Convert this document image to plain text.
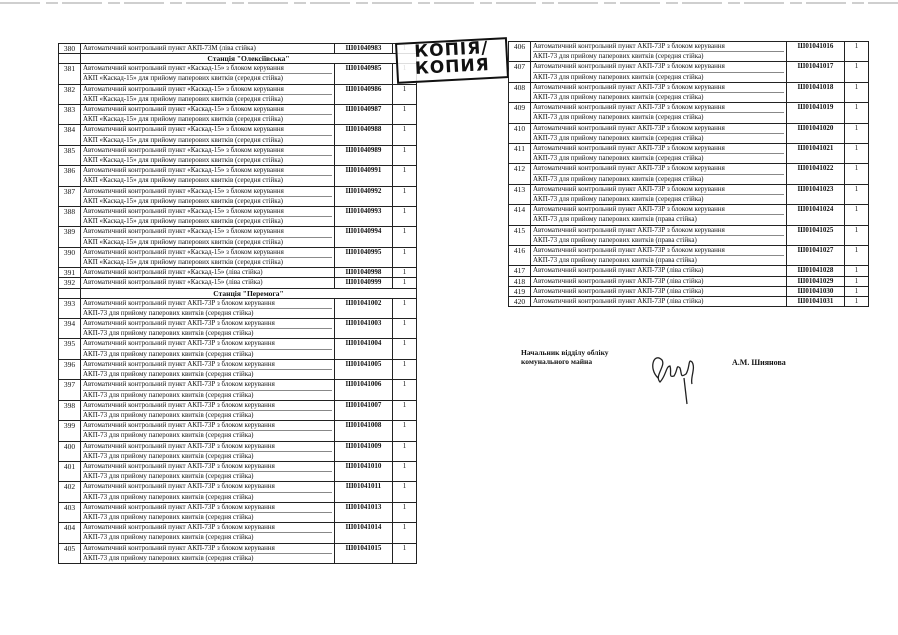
380	Автоматичний контрольний пункт АКП-73М (ліва стійка)	Ш01040983	
	Станція "Олексіївська"		
381	Автоматичний контрольний пункт «Каскад-15» з блоком керування
АКП «Каскад-15» для прийому паперових квитків (середня стійка)	Ш01040985	
382	Автоматичний контрольний пункт «Каскад-15» з блоком керування
АКП «Каскад-15» для прийому паперових квитків (середня стійка)	Ш01040986	1
383	Автоматичний контрольний пункт «Каскад-15» з блоком керування
АКП «Каскад-15» для прийому паперових квитків (середня стійка)	Ш01040987	1
384	Автоматичний контрольний пункт «Каскад-15» з блоком керування
АКП «Каскад-15» для прийому паперових квитків (середня стійка)	Ш01040988	1
385	Автоматичний контрольний пункт «Каскад-15» з блоком керування
АКП «Каскад-15» для прийому паперових квитків (середня стійка)	Ш01040989	1
386	Автоматичний контрольний пункт «Каскад-15» з блоком керування
АКП «Каскад-15» для прийому паперових квитків (середня стійка)	Ш01040991	1
387	Автоматичний контрольний пункт «Каскад-15» з блоком керування
АКП «Каскад-15» для прийому паперових квитків (середня стійка)	Ш01040992	1
388	Автоматичний контрольний пункт «Каскад-15» з блоком керування
АКП «Каскад-15» для прийому паперових квитків (середня стійка)	Ш01040993	1
389	Автоматичний контрольний пункт «Каскад-15» з блоком керування
АКП «Каскад-15» для прийому паперових квитків (середня стійка)	Ш01040994	1
390	Автоматичний контрольний пункт «Каскад-15» з блоком керування
АКП «Каскад-15» для прийому паперових квитків (середня стійка)	Ш01040995	1
391	Автоматичний контрольний пункт «Каскад-15» (ліва стійка)	Ш01040998	1
392	Автоматичний контрольний пункт «Каскад-15» (ліва стійка)	Ш01040999	1
	Станція "Перемога"		
393	Автоматичний контрольний пункт АКП-73Р з блоком керування
АКП-73 для прийому паперових квитків (середня стійка)	Ш01041002	1
394	Автоматичний контрольний пункт АКП-73Р з блоком керування
АКП-73 для прийому паперових квитків (середня стійка)	Ш01041003	1
395	Автоматичний контрольний пункт АКП-73Р з блоком керування
АКП-73 для прийому паперових квитків (середня стійка)	Ш01041004	1
396	Автоматичний контрольний пункт АКП-73Р з блоком керування
АКП-73 для прийому паперових квитків (середня стійка)	Ш01041005	1
397	Автоматичний контрольний пункт АКП-73Р з блоком керування
АКП-73 для прийому паперових квитків (середня стійка)	Ш01041006	1
398	Автоматичний контрольний пункт АКП-73Р з блоком керування
АКП-73 для прийому паперових квитків (середня стійка)	Ш01041007	1
399	Автоматичний контрольний пункт АКП-73Р з блоком керування
АКП-73 для прийому паперових квитків (середня стійка)	Ш01041008	1
400	Автоматичний контрольний пункт АКП-73Р з блоком керування
АКП-73 для прийому паперових квитків (середня стійка)	Ш01041009	1
401	Автоматичний контрольний пункт АКП-73Р з блоком керування
АКП-73 для прийому паперових квитків (середня стійка)	Ш01041010	1
402	Автоматичний контрольний пункт АКП-73Р з блоком керування
АКП-73 для прийому паперових квитків (середня стійка)	Ш01041011	1
403	Автоматичний контрольний пункт АКП-73Р з блоком керування
АКП-73 для прийому паперових квитків (середня стійка)	Ш01041013	1
404	Автоматичний контрольний пункт АКП-73Р з блоком керування
АКП-73 для прийому паперових квитків (середня стійка)	Ш01041014	1
405	Автоматичний контрольний пункт АКП-73Р з блоком керування
АКП-73 для прийому паперових квитків (середня стійка)	Ш01041015	1
406	Автоматичний контрольний пункт АКП-73Р з блоком керування
АКП-73 для прийому паперових квитків (середня стійка)	Ш01041016	1
407	Автоматичний контрольний пункт АКП-73Р з блоком керування
АКП-73 для прийому паперових квитків (середня стійка)	Ш01041017	1
408	Автоматичний контрольний пункт АКП-73Р з блоком керування
АКП-73 для прийому паперових квитків (середня стійка)	Ш01041018	1
409	Автоматичний контрольний пункт АКП-73Р з блоком керування
АКП-73 для прийому паперових квитків (середня стійка)	Ш01041019	1
410	Автоматичний контрольний пункт АКП-73Р з блоком керування
АКП-73 для прийому паперових квитків (середня стійка)	Ш01041020	1
411	Автоматичний контрольний пункт АКП-73Р з блоком керування
АКП-73 для прийому паперових квитків (середня стійка)	Ш01041021	1
412	Автоматичний контрольний пункт АКП-73Р з блоком керування
АКП-73 для прийому паперових квитків (середня стійка)	Ш01041022	1
413	Автоматичний контрольний пункт АКП-73Р з блоком керування
АКП-73 для прийому паперових квитків (середня стійка)	Ш01041023	1
414	Автоматичний контрольний пункт АКП-73Р з блоком керування
АКП-73 для прийому паперових квитків (права стійка)	Ш01041024	1
415	Автоматичний контрольний пункт АКП-73Р з блоком керування
АКП-73 для прийому паперових квитків (права стійка)	Ш01041025	1
416	Автоматичний контрольний пункт АКП-73Р з блоком керування
АКП-73 для прийому паперових квитків (права стійка)	Ш01041027	1
417	Автоматичний контрольний пункт АКП-73Р (ліва стійка)	Ш01041028	1
418	Автоматичний контрольний пункт АКП-73Р (ліва стійка)	Ш01041029	1
419	Автоматичний контрольний пункт АКП-73Р (ліва стійка)	Ш01041030	1
420	Автоматичний контрольний пункт АКП-73Р (ліва стійка)	Ш01041031	1
КОПІЯ/
КОПИЯ
Начальник відділу обліку
комунального майна	А.М. Шиянова
